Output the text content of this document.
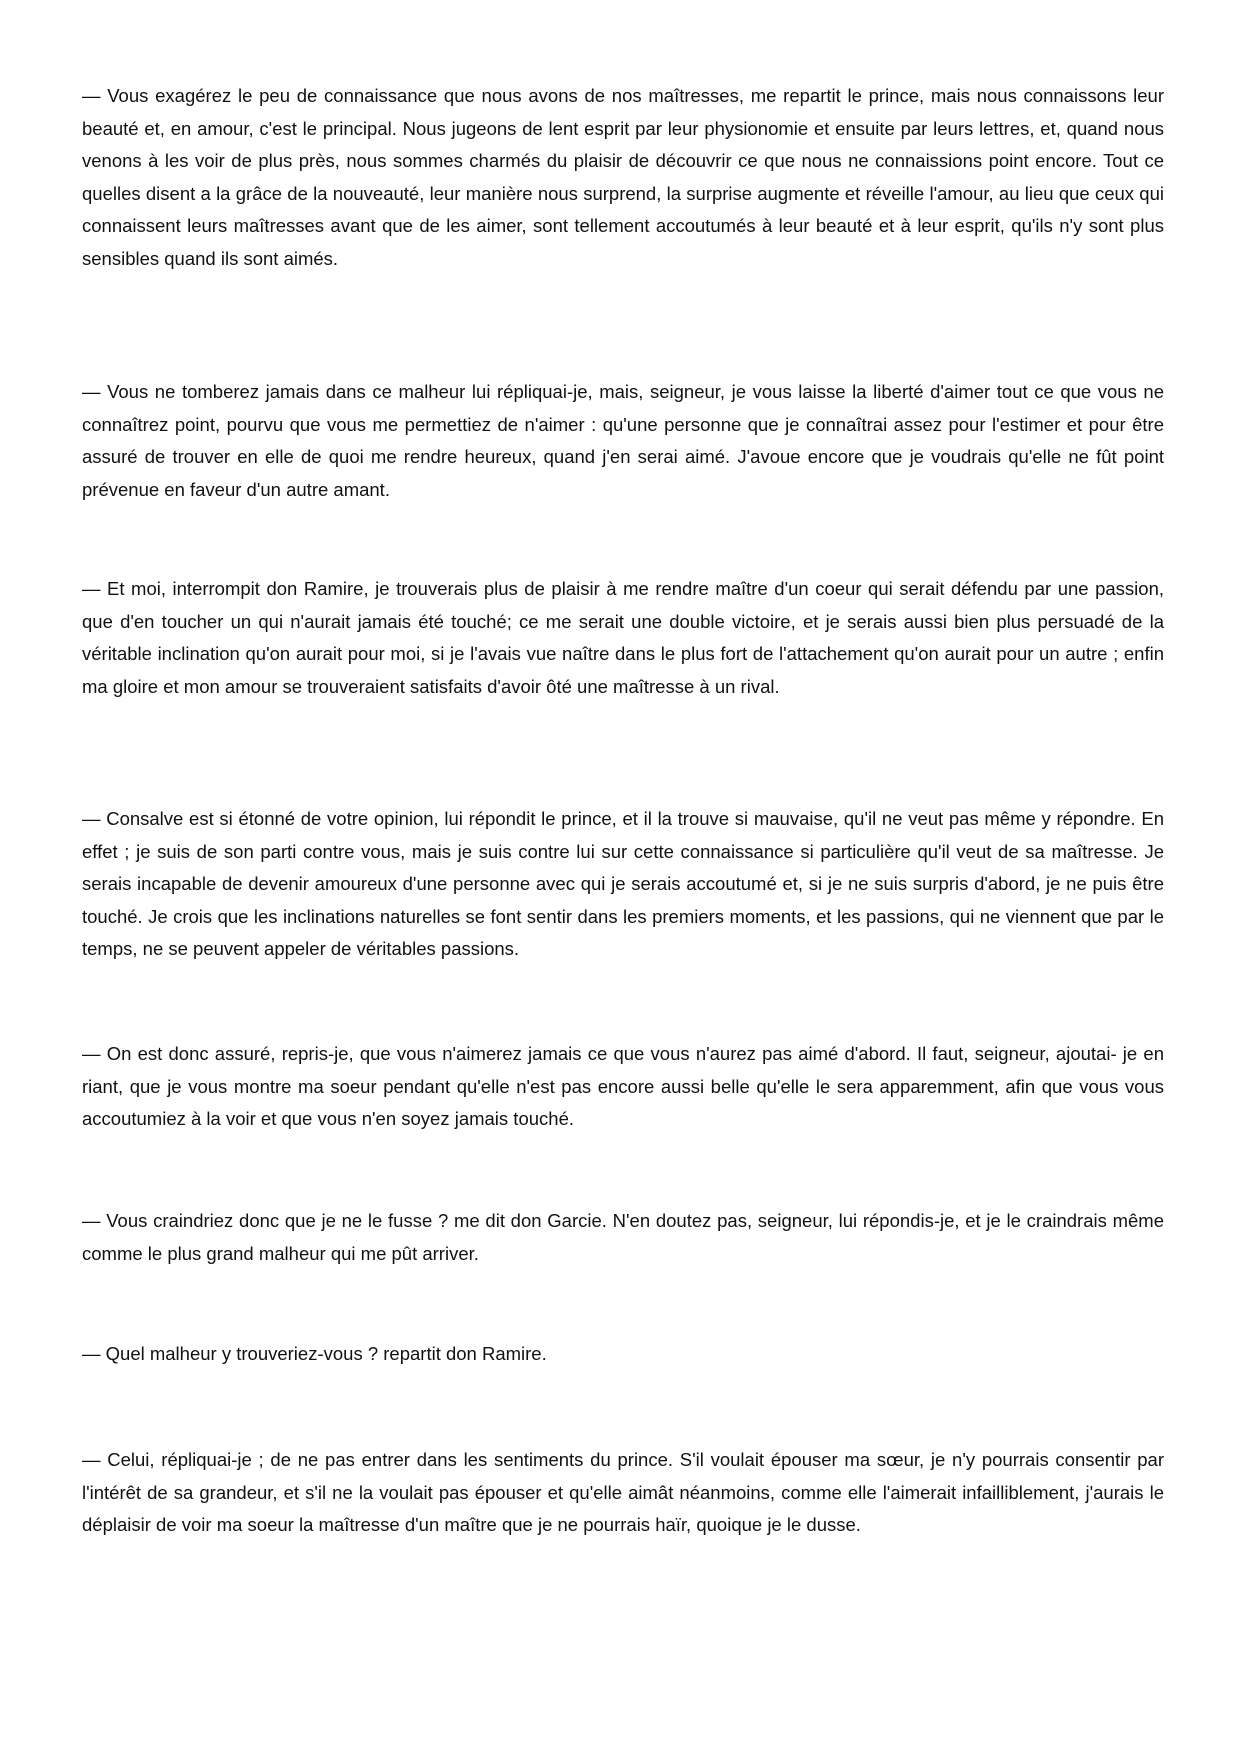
— Vous exagérez le peu de connaissance que nous avons de nos maîtresses, me repartit le prince, mais nous connaissons leur beauté et, en amour, c'est le principal. Nous jugeons de lent esprit par leur physionomie et ensuite par leurs lettres, et, quand nous venons à les voir de plus près, nous sommes charmés du plaisir de découvrir ce que nous ne connaissions point encore. Tout ce quelles disent a la grâce de la nouveauté, leur manière nous surprend, la surprise augmente et réveille l'amour, au lieu que ceux qui connaissent leurs maîtresses avant que de les aimer, sont tellement accoutumés à leur beauté et à leur esprit, qu'ils n'y sont plus sensibles quand ils sont aimés.

— Vous ne tomberez jamais dans ce malheur lui répliquai-je, mais, seigneur, je vous laisse la liberté d'aimer tout ce que vous ne connaîtrez point, pourvu que vous me permettiez de n'aimer : qu'une personne que je connaîtrai assez pour l'estimer et pour être assuré de trouver en elle de quoi me rendre heureux, quand j'en serai aimé. J'avoue encore que je voudrais qu'elle ne fût point prévenue en faveur d'un autre amant.

— Et moi, interrompit don Ramire, je trouverais plus de plaisir à me rendre maître d'un coeur qui serait défendu par une passion, que d'en toucher un qui n'aurait jamais été touché; ce me serait une double victoire, et je serais aussi bien plus persuadé de la véritable inclination qu'on aurait pour moi, si je l'avais vue naître dans le plus fort de l'attachement qu'on aurait pour un autre ; enfin ma gloire et mon amour se trouveraient satisfaits d'avoir ôté une maîtresse à un rival.

— Consalve est si étonné de votre opinion, lui répondit le prince, et il la trouve si mauvaise, qu'il ne veut pas même y répondre. En effet ; je suis de son parti contre vous, mais je suis contre lui sur cette connaissance si particulière qu'il veut de sa maîtresse. Je serais incapable de devenir amoureux d'une personne avec qui je serais accoutumé et, si je ne suis surpris d'abord, je ne puis être touché. Je crois que les inclinations naturelles se font sentir dans les premiers moments, et les passions, qui ne viennent que par le temps, ne se peuvent appeler de véritables passions.

— On est donc assuré, repris-je, que vous n'aimerez jamais ce que vous n'aurez pas aimé d'abord. Il faut, seigneur, ajoutai- je en riant, que je vous montre ma soeur pendant qu'elle n'est pas encore aussi belle qu'elle le sera apparemment, afin que vous vous accoutumiez à la voir et que vous n'en soyez jamais touché.

— Vous craindriez donc que je ne le fusse ? me dit don Garcie. N'en doutez pas, seigneur, lui répondis-je, et je le craindrais même comme le plus grand malheur qui me pût arriver.

— Quel malheur y trouveriez-vous ? repartit don Ramire.

— Celui, répliquai-je ; de ne pas entrer dans les sentiments du prince. S'il voulait épouser ma sœur, je n'y pourrais consentir par l'intérêt de sa grandeur, et s'il ne la voulait pas épouser et qu'elle aimât néanmoins, comme elle l'aimerait infailliblement, j'aurais le déplaisir de voir ma soeur la maîtresse d'un maître que je ne pourrais haïr, quoique je le dusse.
